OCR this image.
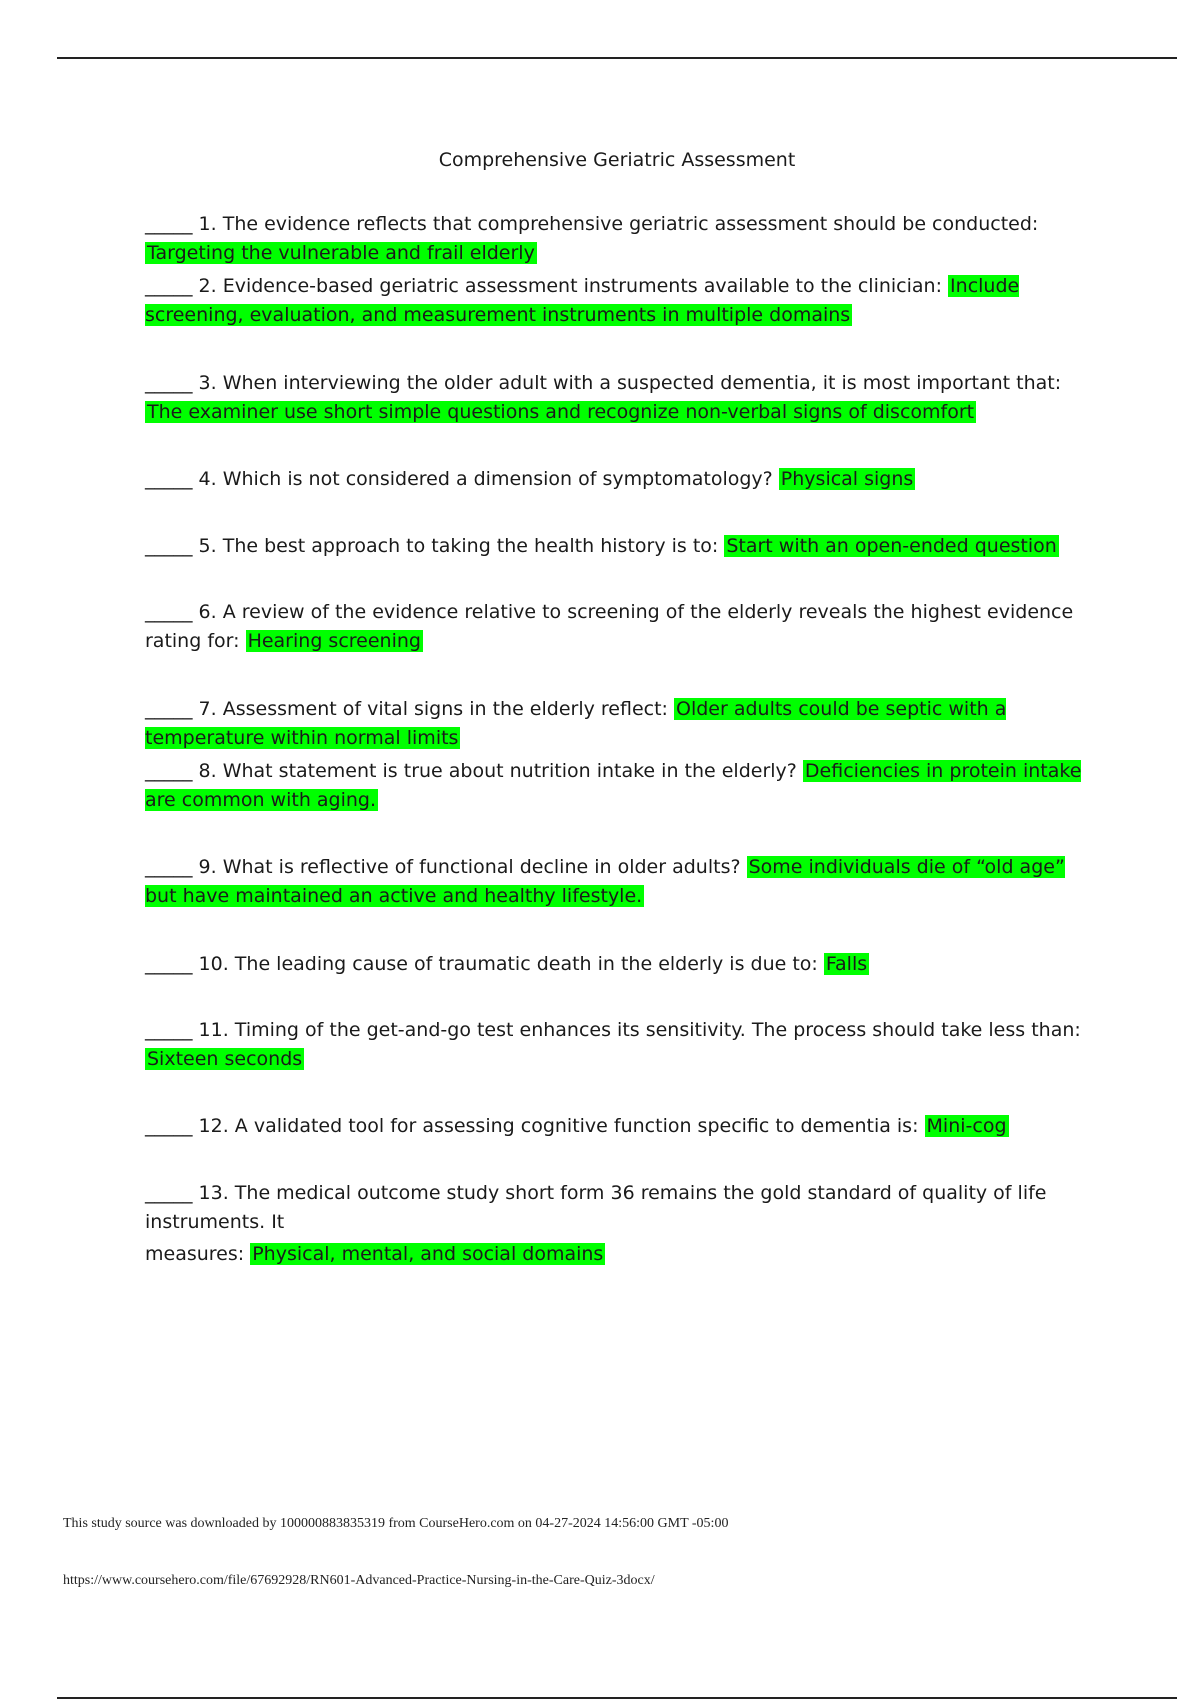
Comprehensive Geriatric Assessment
_____ 1. The evidence reflects that comprehensive geriatric assessment should be conducted: Targeting the vulnerable and frail elderly
_____ 2. Evidence-based geriatric assessment instruments available to the clinician: Include screening, evaluation, and measurement instruments in multiple domains
_____ 3. When interviewing the older adult with a suspected dementia, it is most important that: The examiner use short simple questions and recognize non-verbal signs of discomfort
_____ 4. Which is not considered a dimension of symptomatology? Physical signs
_____ 5. The best approach to taking the health history is to: Start with an open-ended question
_____ 6. A review of the evidence relative to screening of the elderly reveals the highest evidence rating for: Hearing screening
_____ 7. Assessment of vital signs in the elderly reflect: Older adults could be septic with a temperature within normal limits
_____ 8. What statement is true about nutrition intake in the elderly? Deficiencies in protein intake are common with aging.
_____ 9. What is reflective of functional decline in older adults? Some individuals die of “old age” but have maintained an active and healthy lifestyle.
_____ 10. The leading cause of traumatic death in the elderly is due to: Falls
_____ 11. Timing of the get-and-go test enhances its sensitivity. The process should take less than: Sixteen seconds
_____ 12. A validated tool for assessing cognitive function specific to dementia is: Mini-cog
_____ 13. The medical outcome study short form 36 remains the gold standard of quality of life instruments. It
measures: Physical, mental, and social domains
This study source was downloaded by 100000883835319 from CourseHero.com on 04-27-2024 14:56:00 GMT -05:00
https://www.coursehero.com/file/67692928/RN601-Advanced-Practice-Nursing-in-the-Care-Quiz-3docx/
